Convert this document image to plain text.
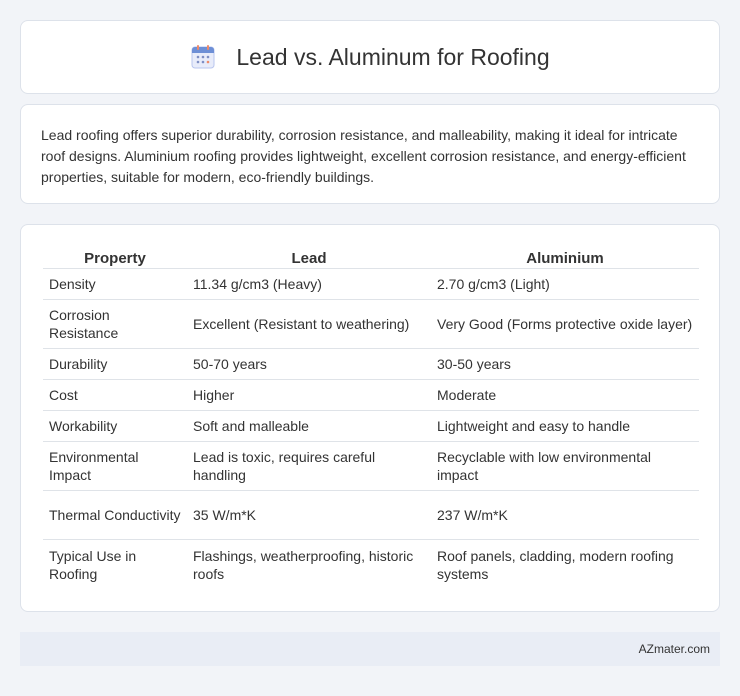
Lead vs. Aluminum for Roofing

Lead roofing offers superior durability, corrosion resistance, and malleability, making it ideal for intricate roof designs. Aluminium roofing provides lightweight, excellent corrosion resistance, and energy-efficient properties, suitable for modern, eco-friendly buildings.

Property	Lead	Aluminium
Density	11.34 g/cm3 (Heavy)	2.70 g/cm3 (Light)
Corrosion Resistance	Excellent (Resistant to weathering)	Very Good (Forms protective oxide layer)
Durability	50-70 years	30-50 years
Cost	Higher	Moderate
Workability	Soft and malleable	Lightweight and easy to handle
Environmental Impact	Lead is toxic, requires careful handling	Recyclable with low environmental impact
Thermal Conductivity	35 W/m*K	237 W/m*K
Typical Use in Roofing	Flashings, weatherproofing, historic roofs	Roof panels, cladding, modern roofing systems
AZmater.com
